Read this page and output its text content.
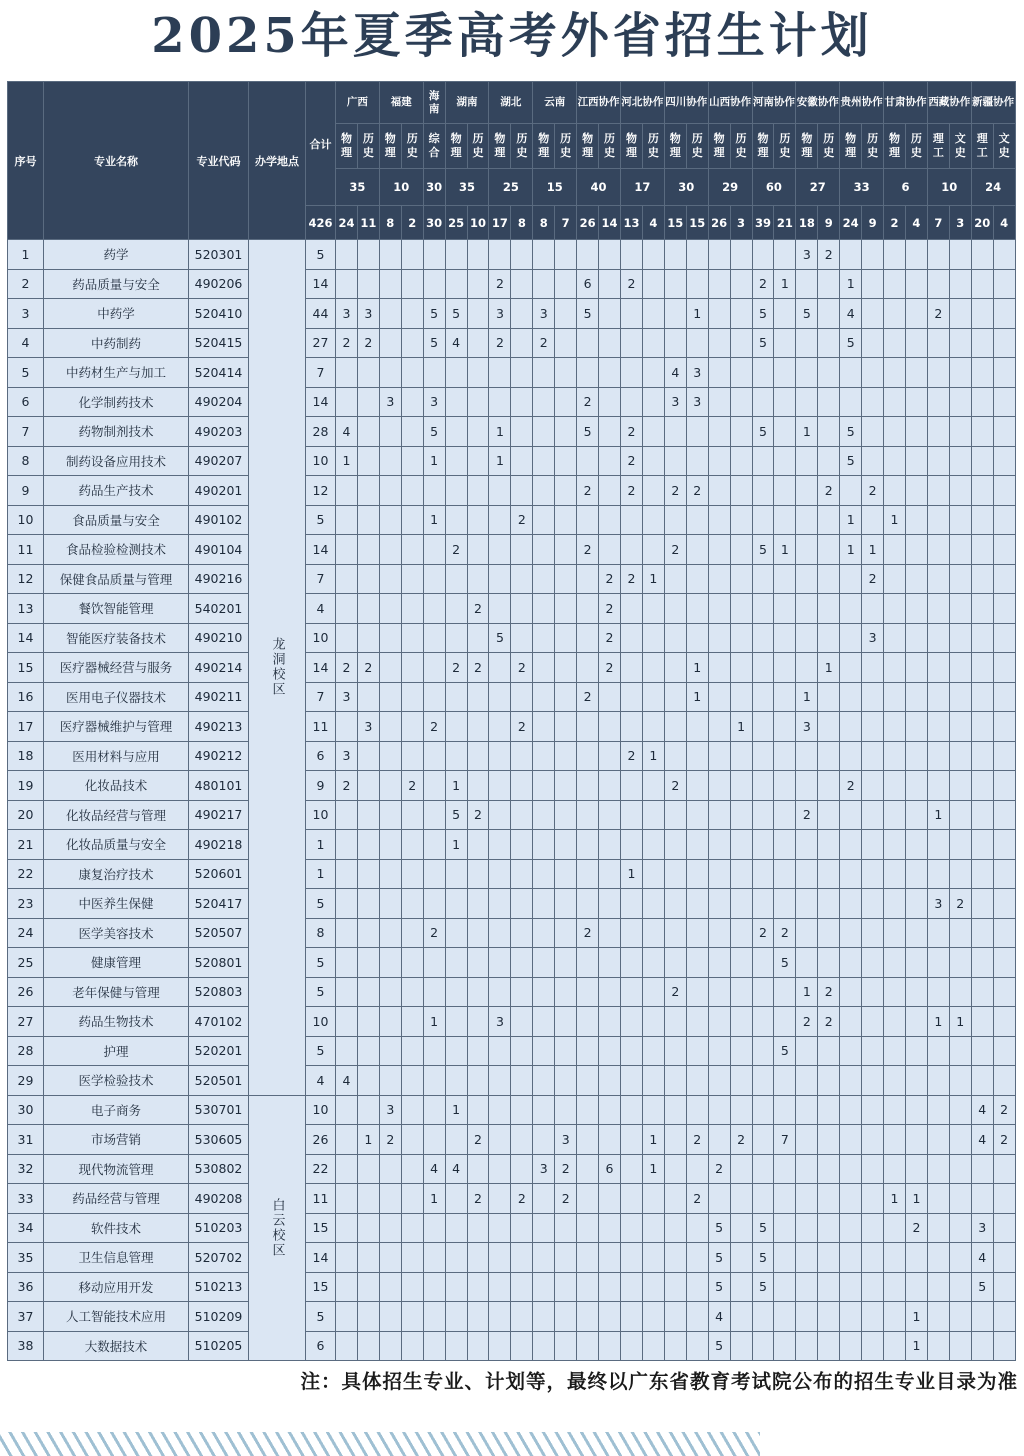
2025年夏季高考外省招生计划
序号	专业名称	专业代码	办学地点	合计	广西		福建		海南	湖南		湖北		云南		江西协作		河北协作		四川协作		山西协作		河南协作		安徽协作		贵州协作		甘肃协作		西藏协作		新疆协作	
					物理	历史	物理	历史	综合	物理	历史	物理	历史	物理	历史	物理	历史	物理	历史	物理	历史	物理	历史	物理	历史	物理	历史	物理	历史	物理	历史	理工	文史	理工	文史
					35		10		30	35		25		15		40		17		30		29		60		27		33		6		10		24	
				426	24	11	8	2	30	25	10	17	8	8	7	26	14	13	4	15	15	26	3	39	21	18	9	24	9	2	4	7	3	20	4
1	药学	520301	龙洞校区	5																						3	2								
2	药品质量与安全	490206		14								2				6		2						2	1			1							
3	中药学	520410		44	3	3			5	5		3		3		5					1			5		5		4				2			
4	中药制药	520415		27	2	2			5	4		2		2										5				5							
5	中药材生产与加工	520414		7																4	3														
6	化学制药技术	490204		14			3		3							2				3	3														
7	药物制剂技术	490203		28	4				5			1				5		2						5		1		5							
8	制药设备应用技术	490207		10	1				1			1						2										5							
9	药品生产技术	490201		12												2		2		2	2						2		2						
10	食品质量与安全	490102		5					1				2															1		1					
11	食品检验检测技术	490104		14						2						2				2				5	1			1	1						
12	保健食品质量与管理	490216		7													2	2	1										2						
13	餐饮智能管理	540201		4							2						2																		
14	智能医疗装备技术	490210		10								5					2												3						
15	医疗器械经营与服务	490214		14	2	2				2	2		2				2				1						1								
16	医用电子仪器技术	490211		7	3											2					1					1									
17	医疗器械维护与管理	490213		11		3			2				2										1			3									
18	医用材料与应用	490212		6	3													2	1																
19	化妆品技术	480101		9	2			2		1										2								2							
20	化妆品经营与管理	490217		10						5	2															2						1			
21	化妆品质量与安全	490218		1						1																									
22	康复治疗技术	520601		1														1																	
23	中医养生保健	520417		5																												3	2		
24	医学美容技术	520507		8					2							2								2	2										
25	健康管理	520801		5																					5										
26	老年保健与管理	520803		5																2						1	2								
27	药品生物技术	470102		10					1			3														2	2					1	1		
28	护理	520201		5																					5										
29	医学检验技术	520501		4	4																														
30	电子商务	530701	白云校区	10			3			1																								4	2
31	市场营销	530605		26		1	2				2				3				1		2		2		7									4	2
32	现代物流管理	530802		22					4	4				3	2		6		1			2													
33	药品经营与管理	490208		11					1		2		2		2						2									1	1				
34	软件技术	510203		15																		5		5							2			3	
35	卫生信息管理	520702		14																		5		5										4	
36	移动应用开发	510213		15																		5		5										5	
37	人工智能技术应用	510209		5																		4									1				
38	大数据技术	510205		6																		5									1				
注：具体招生专业、计划等，最终以广东省教育考试院公布的招生专业目录为准
